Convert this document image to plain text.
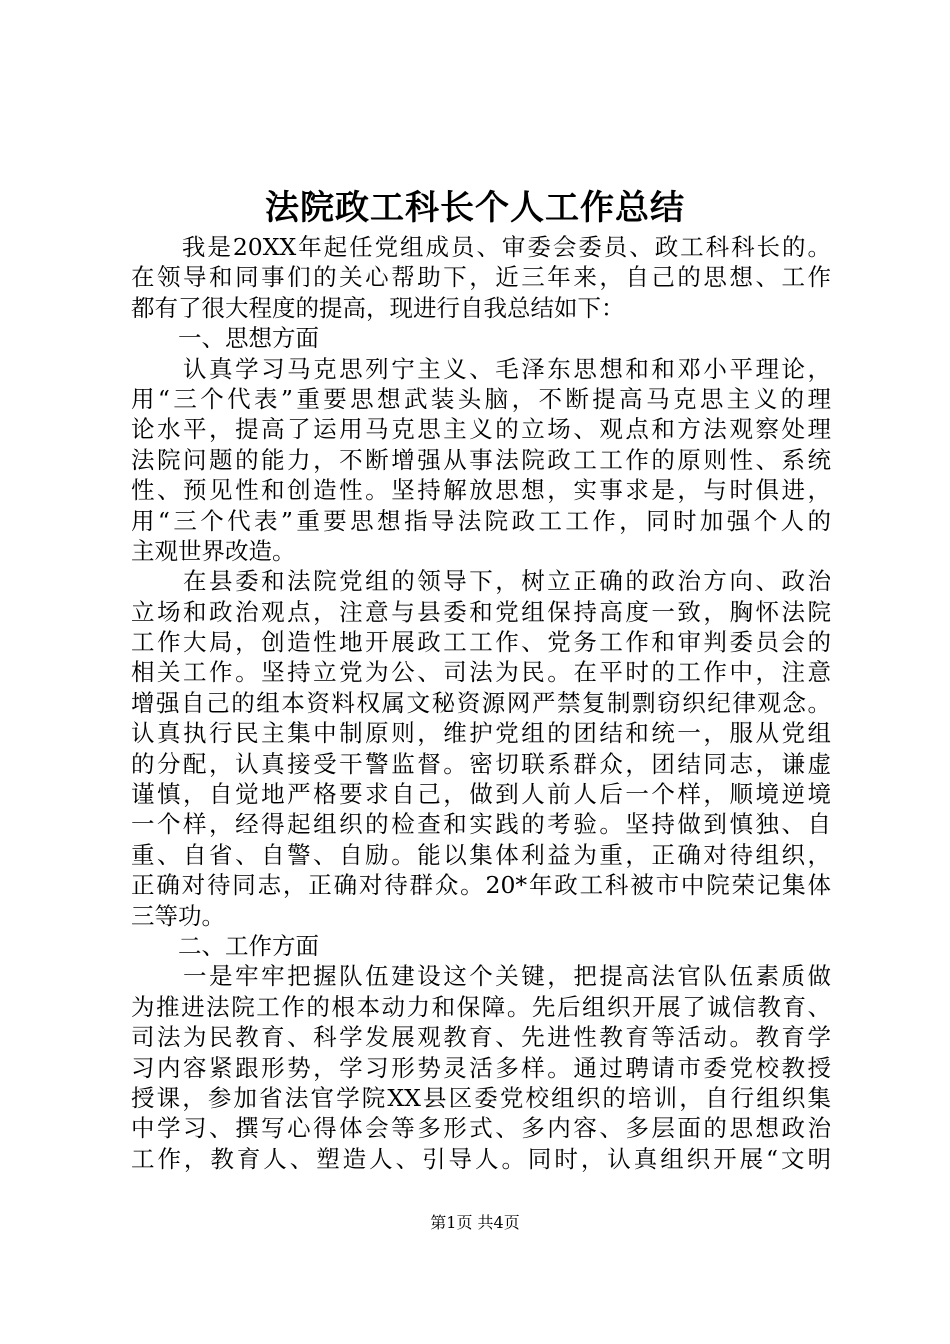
法院政工科长个人工作总结
　　我是20XX年起任党组成员、审委会委员、政工科科长的。
在领导和同事们的关心帮助下，近三年来，自己的思想、工作
都有了很大程度的提高，现进行自我总结如下：
　　一、思想方面
　　认真学习马克思列宁主义、毛泽东思想和和邓小平理论，
用“三个代表”重要思想武装头脑，不断提高马克思主义的理
论水平，提高了运用马克思主义的立场、观点和方法观察处理
法院问题的能力，不断增强从事法院政工工作的原则性、系统
性、预见性和创造性。坚持解放思想，实事求是，与时俱进，
用“三个代表”重要思想指导法院政工工作，同时加强个人的
主观世界改造。
　　在县委和法院党组的领导下，树立正确的政治方向、政治
立场和政治观点，注意与县委和党组保持高度一致，胸怀法院
工作大局，创造性地开展政工工作、党务工作和审判委员会的
相关工作。坚持立党为公、司法为民。在平时的工作中，注意
增强自己的组本资料权属文秘资源网严禁复制剽窃织纪律观念。
认真执行民主集中制原则，维护党组的团结和统一，服从党组
的分配，认真接受干警监督。密切联系群众，团结同志，谦虚
谨慎，自觉地严格要求自己，做到人前人后一个样，顺境逆境
一个样，经得起组织的检查和实践的考验。坚持做到慎独、自
重、自省、自警、自励。能以集体利益为重，正确对待组织，
正确对待同志，正确对待群众。20*年政工科被市中院荣记集体
三等功。
　　二、工作方面
　　一是牢牢把握队伍建设这个关键，把提高法官队伍素质做
为推进法院工作的根本动力和保障。先后组织开展了诚信教育、
司法为民教育、科学发展观教育、先进性教育等活动。教育学
习内容紧跟形势，学习形势灵活多样。通过聘请市委党校教授
授课，参加省法官学院XX县区委党校组织的培训，自行组织集
中学习、撰写心得体会等多形式、多内容、多层面的思想政治
工作，教育人、塑造人、引导人。同时，认真组织开展“文明
第1页 共4页
